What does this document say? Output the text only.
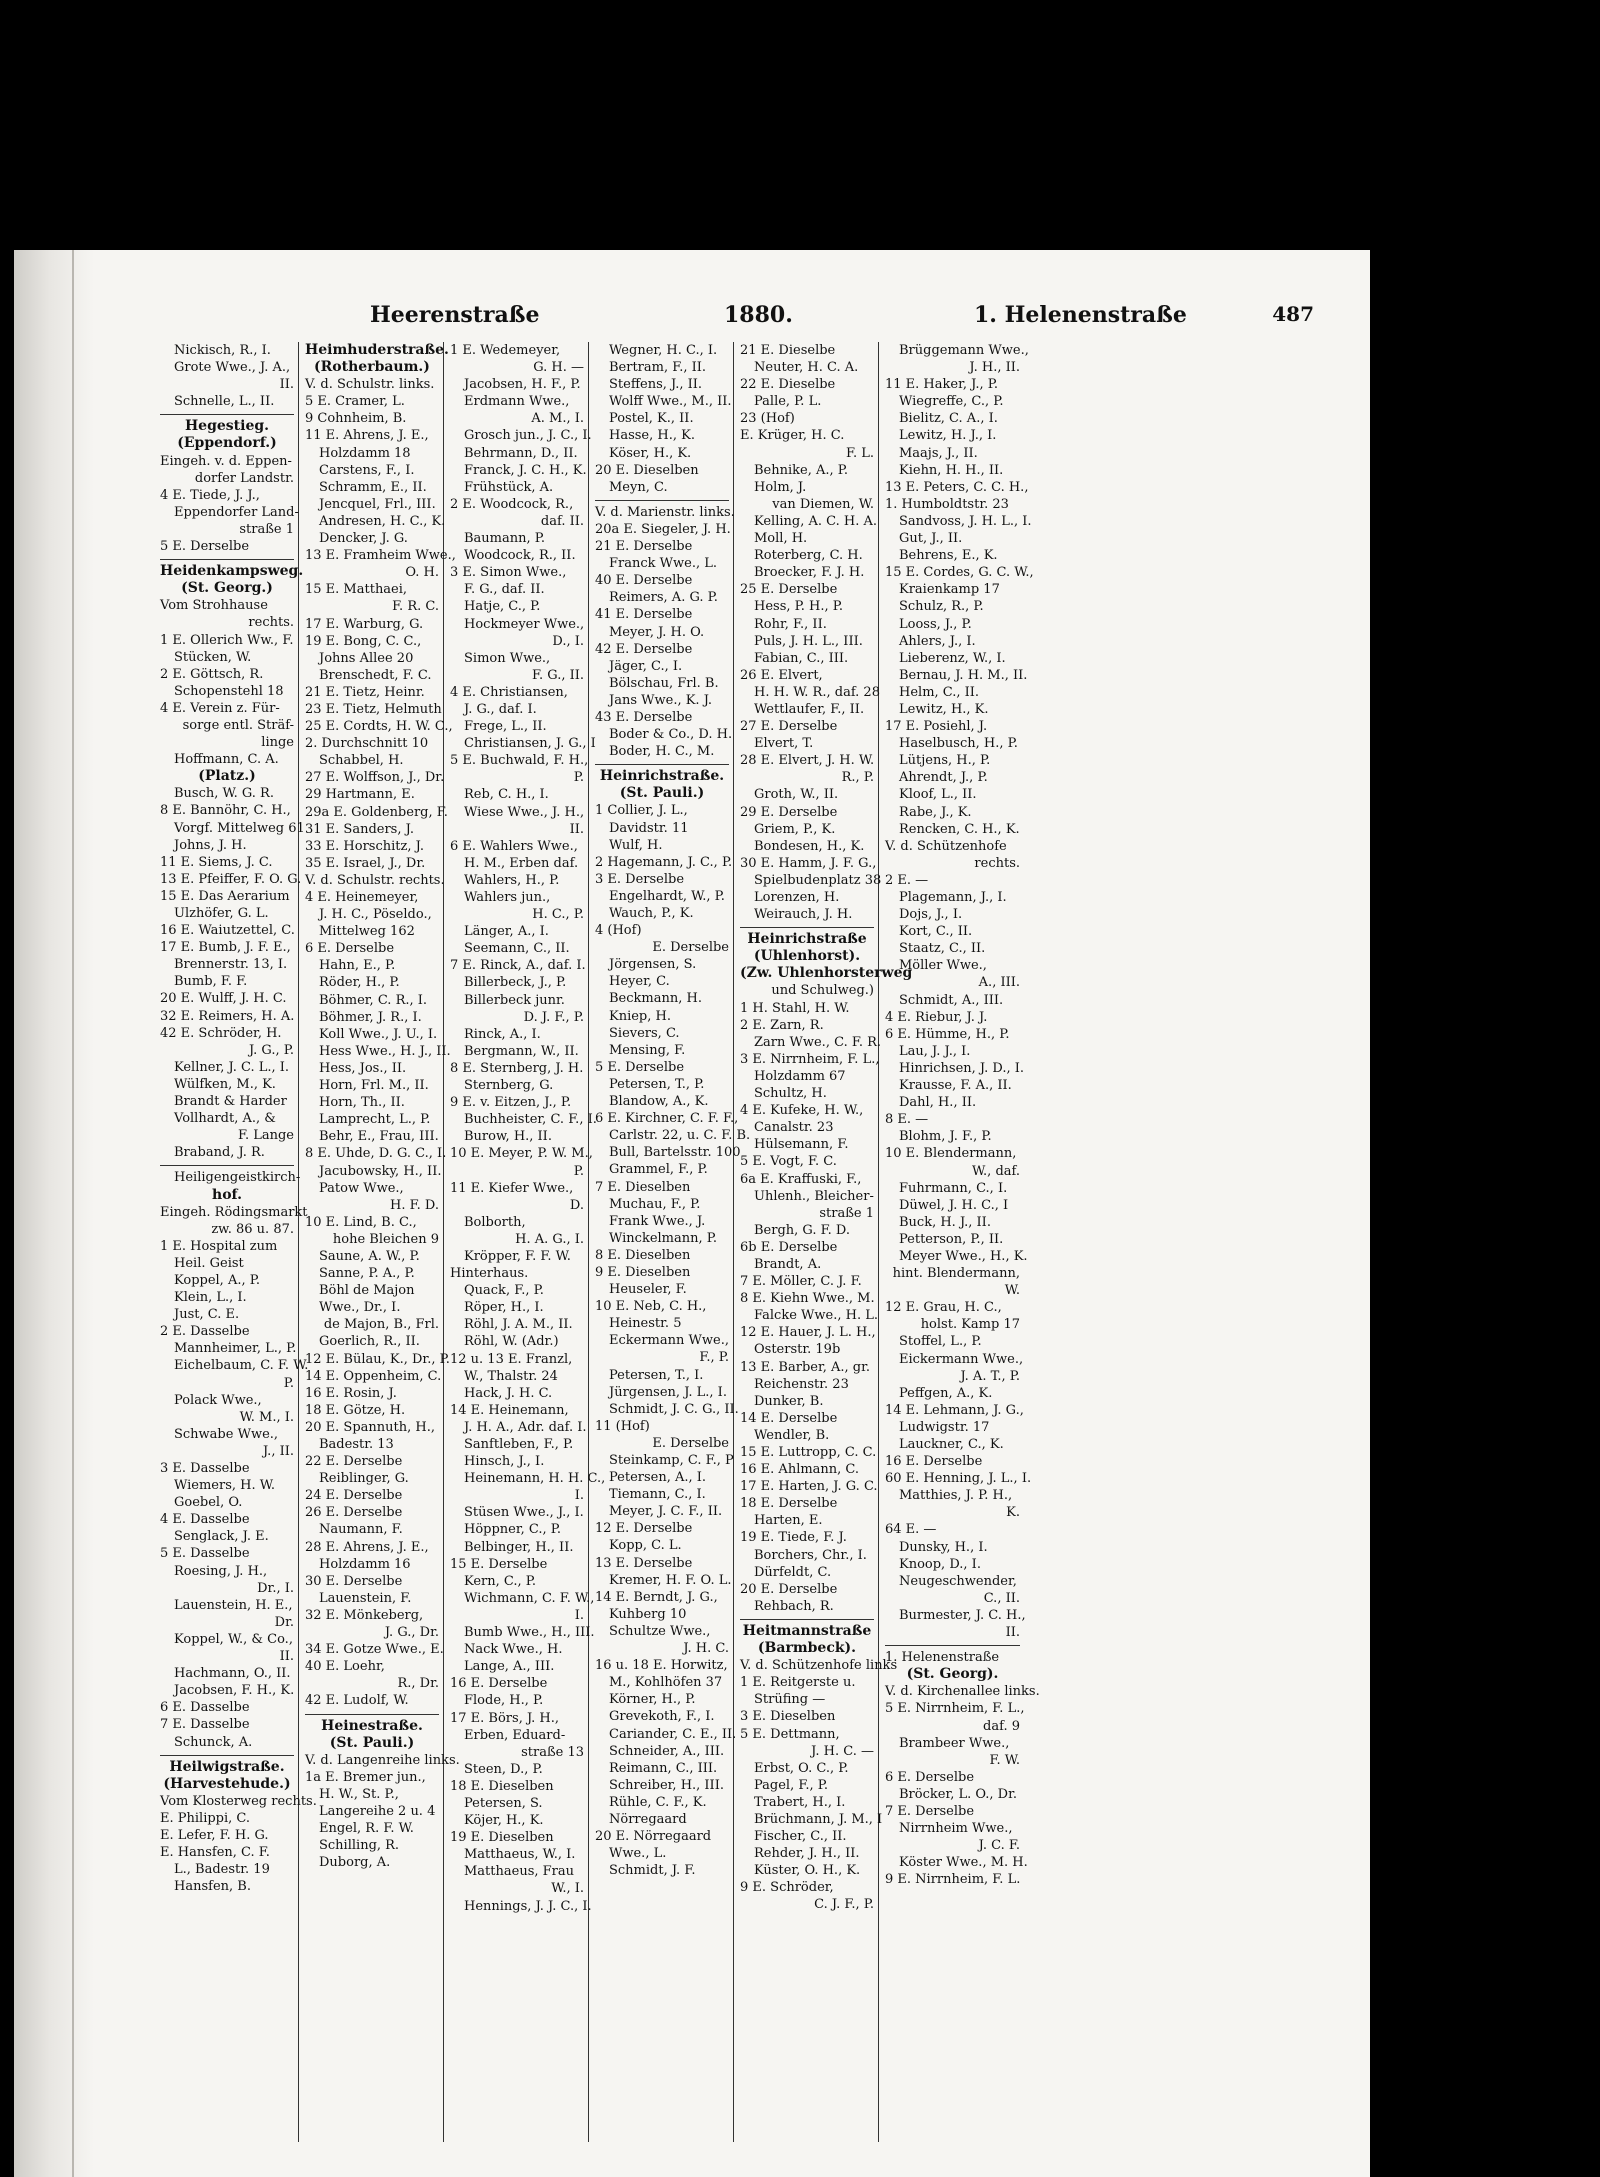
Heerenstraße	1880.	1. Helenenstraße	487
Nickisch, R., I.
Grote Wwe., J. A.,
II.
Schnelle, L., II.
Hegestieg.
(Eppendorf.)
Eingeh. v. d. Eppen-
dorfer Landstr.
4 E. Tiede, J. J.,
Eppendorfer Land-
straße 1
5 E. Derselbe
Heidenkampsweg.
(St. Georg.)
Vom Strohhause
rechts.
1 E. Ollerich Ww., F.
Stücken, W.
2 E. Göttsch, R.
Schopenstehl 18
4 E. Verein z. Für-
sorge entl. Sträf-
linge
Hoffmann, C. A.
(Platz.)
Busch, W. G. R.
8 E. Bannöhr, C. H.,
Vorgf. Mittelweg 61
Johns, J. H.
11 E. Siems, J. C.
13 E. Pfeiffer, F. O. G.
15 E. Das Aerarium
Ulzhöfer, G. L.
16 E. Waiutzettel, C.
17 E. Bumb, J. F. E.,
Brennerstr. 13, I.
Bumb, F. F.
20 E. Wulff, J. H. C.
32 E. Reimers, H. A.
42 E. Schröder, H.
J. G., P.
Kellner, J. C. L., I.
Wülfken, M., K.
Brandt & Harder
Vollhardt, A., &
F. Lange
Braband, J. R.
Heiligengeistkirch-
hof.
Eingeh. Rödingsmarkt
zw. 86 u. 87.
1 E. Hospital zum
Heil. Geist
Koppel, A., P.
Klein, L., I.
Just, C. E.
2 E. Dasselbe
Mannheimer, L., P.
Eichelbaum, C. F. W.
P.
Polack Wwe.,
W. M., I.
Schwabe Wwe.,
J., II.
3 E. Dasselbe
Wiemers, H. W.
Goebel, O.
4 E. Dasselbe
Senglack, J. E.
5 E. Dasselbe
Roesing, J. H.,
Dr., I.
Lauenstein, H. E.,
Dr.
Koppel, W., & Co.,
II.
Hachmann, O., II.
Jacobsen, F. H., K.
6 E. Dasselbe
7 E. Dasselbe
Schunck, A.
Heilwigstraße.
(Harvestehude.)
Vom Klosterweg rechts.
E. Philippi, C.
E. Lefer, F. H. G.
E. Hansfen, C. F.
L., Badestr. 19
Hansfen, B.
Heimhuderstraße.
(Rotherbaum.)
V. d. Schulstr. links.
5 E. Cramer, L.
9 Cohnheim, B.
11 E. Ahrens, J. E.,
Holzdamm 18
Carstens, F., I.
Schramm, E., II.
Jencquel, Frl., III.
Andresen, H. C., K.
Dencker, J. G.
13 E. Framheim Wwe.,
O. H.
15 E. Matthaei,
F. R. C.
17 E. Warburg, G.
19 E. Bong, C. C.,
Johns Allee 20
Brenschedt, F. C.
21 E. Tietz, Heinr.
23 E. Tietz, Helmuth
25 E. Cordts, H. W. C.,
2. Durchschnitt 10
Schabbel, H.
27 E. Wolffson, J., Dr.
29 Hartmann, E.
29a E. Goldenberg, F.
31 E. Sanders, J.
33 E. Horschitz, J.
35 E. Israel, J., Dr.
V. d. Schulstr. rechts.
4 E. Heinemeyer,
J. H. C., Pöseldo.,
Mittelweg 162
6 E. Derselbe
Hahn, E., P.
Röder, H., P.
Böhmer, C. R., I.
Böhmer, J. R., I.
Koll Wwe., J. U., I.
Hess Wwe., H. J., II.
Hess, Jos., II.
Horn, Frl. M., II.
Horn, Th., II.
Lamprecht, L., P.
Behr, E., Frau, III.
8 E. Uhde, D. G. C., I.
Jacubowsky, H., II.
Patow Wwe.,
H. F. D.
10 E. Lind, B. C.,
hohe Bleichen 9
Saune, A. W., P.
Sanne, P. A., P.
Böhl de Majon
Wwe., Dr., I.
de Majon, B., Frl.
Goerlich, R., II.
12 E. Bülau, K., Dr., P.
14 E. Oppenheim, C.
16 E. Rosin, J.
18 E. Götze, H.
20 E. Spannuth, H.,
Badestr. 13
22 E. Derselbe
Reiblinger, G.
24 E. Derselbe
26 E. Derselbe
Naumann, F.
28 E. Ahrens, J. E.,
Holzdamm 16
30 E. Derselbe
Lauenstein, F.
32 E. Mönkeberg,
J. G., Dr.
34 E. Gotze Wwe., E.
40 E. Loehr,
R., Dr.
42 E. Ludolf, W.
Heinestraße.
(St. Pauli.)
V. d. Langenreihe links.
1a E. Bremer jun.,
H. W., St. P.,
Langereihe 2 u. 4
Engel, R. F. W.
Schilling, R.
Duborg, A.
1 E. Wedemeyer,
G. H. —
Jacobsen, H. F., P.
Erdmann Wwe.,
A. M., I.
Grosch jun., J. C., I.
Behrmann, D., II.
Franck, J. C. H., K.
Frühstück, A.
2 E. Woodcock, R.,
daf. II.
Baumann, P.
Woodcock, R., II.
3 E. Simon Wwe.,
F. G., daf. II.
Hatje, C., P.
Hockmeyer Wwe.,
D., I.
Simon Wwe.,
F. G., II.
4 E. Christiansen,
J. G., daf. I.
Frege, L., II.
Christiansen, J. G., I
5 E. Buchwald, F. H.,
P.
Reb, C. H., I.
Wiese Wwe., J. H.,
II.
6 E. Wahlers Wwe.,
H. M., Erben daf.
Wahlers, H., P.
Wahlers jun.,
H. C., P.
Länger, A., I.
Seemann, C., II.
7 E. Rinck, A., daf. I.
Billerbeck, J., P.
Billerbeck junr.
D. J. F., P.
Rinck, A., I.
Bergmann, W., II.
8 E. Sternberg, J. H.
Sternberg, G.
9 E. v. Eitzen, J., P.
Buchheister, C. F., I.
Burow, H., II.
10 E. Meyer, P. W. M.,
P.
11 E. Kiefer Wwe.,
D.
Bolborth,
H. A. G., I.
Kröpper, F. F. W.
Hinterhaus.
Quack, F., P.
Röper, H., I.
Röhl, J. A. M., II.
Röhl, W. (Adr.)
12 u. 13 E. Franzl,
W., Thalstr. 24
Hack, J. H. C.
14 E. Heinemann,
J. H. A., Adr. daf. I.
Sanftleben, F., P.
Hinsch, J., I.
Heinemann, H. H. C.,
I.
Stüsen Wwe., J., I.
Höppner, C., P.
Belbinger, H., II.
15 E. Derselbe
Kern, C., P.
Wichmann, C. F. W.,
I.
Bumb Wwe., H., III.
Nack Wwe., H.
Lange, A., III.
16 E. Derselbe
Flode, H., P.
17 E. Börs, J. H.,
Erben, Eduard-
straße 13
Steen, D., P.
18 E. Dieselben
Petersen, S.
Köjer, H., K.
19 E. Dieselben
Matthaeus, W., I.
Matthaeus, Frau
W., I.
Hennings, J. J. C., I.
Wegner, H. C., I.
Bertram, F., II.
Steffens, J., II.
Wolff Wwe., M., II.
Postel, K., II.
Hasse, H., K.
Köser, H., K.
20 E. Dieselben
Meyn, C.
V. d. Marienstr. links.
20a E. Siegeler, J. H.
21 E. Derselbe
Franck Wwe., L.
40 E. Derselbe
Reimers, A. G. P.
41 E. Derselbe
Meyer, J. H. O.
42 E. Derselbe
Jäger, C., I.
Bölschau, Frl. B.
Jans Wwe., K. J.
43 E. Derselbe
Boder & Co., D. H.
Boder, H. C., M.
Heinrichstraße.
(St. Pauli.)
1 Collier, J. L.,
Davidstr. 11
Wulf, H.
2 Hagemann, J. C., P.
3 E. Derselbe
Engelhardt, W., P.
Wauch, P., K.
4 (Hof)
E. Derselbe
Jörgensen, S.
Heyer, C.
Beckmann, H.
Kniep, H.
Sievers, C.
Mensing, F.
5 E. Derselbe
Petersen, T., P.
Blandow, A., K.
6 E. Kirchner, C. F. F.,
Carlstr. 22, u. C. F. B.
Bull, Bartelsstr. 100
Grammel, F., P.
7 E. Dieselben
Muchau, F., P.
Frank Wwe., J.
Winckelmann, P.
8 E. Dieselben
9 E. Dieselben
Heuseler, F.
10 E. Neb, C. H.,
Heinestr. 5
Eckermann Wwe.,
F., P.
Petersen, T., I.
Jürgensen, J. L., I.
Schmidt, J. C. G., II.
11 (Hof)
E. Derselbe
Steinkamp, C. F., P
Petersen, A., I.
Tiemann, C., I.
Meyer, J. C. F., II.
12 E. Derselbe
Kopp, C. L.
13 E. Derselbe
Kremer, H. F. O. L.
14 E. Berndt, J. G.,
Kuhberg 10
Schultze Wwe.,
J. H. C.
16 u. 18 E. Horwitz,
M., Kohlhöfen 37
Körner, H., P.
Grevekoth, F., I.
Cariander, C. E., II.
Schneider, A., III.
Reimann, C., III.
Schreiber, H., III.
Rühle, C. F., K.
Nörregaard
20 E. Nörregaard
Wwe., L.
Schmidt, J. F.
21 E. Dieselbe
Neuter, H. C. A.
22 E. Dieselbe
Palle, P. L.
23 (Hof)
E. Krüger, H. C.
F. L.
Behnike, A., P.
Holm, J.
van Diemen, W.
Kelling, A. C. H. A.
Moll, H.
Roterberg, C. H.
Broecker, F. J. H.
25 E. Derselbe
Hess, P. H., P.
Rohr, F., II.
Puls, J. H. L., III.
Fabian, C., III.
26 E. Elvert,
H. H. W. R., daf. 28
Wettlaufer, F., II.
27 E. Derselbe
Elvert, T.
28 E. Elvert, J. H. W.
R., P.
Groth, W., II.
29 E. Derselbe
Griem, P., K.
Bondesen, H., K.
30 E. Hamm, J. F. G.,
Spielbudenplatz 38
Lorenzen, H.
Weirauch, J. H.
Heinrichstraße
(Uhlenhorst).
(Zw. Uhlenhorsterweg
und Schulweg.)
1 H. Stahl, H. W.
2 E. Zarn, R.
Zarn Wwe., C. F. R.
3 E. Nirrnheim, F. L.,
Holzdamm 67
Schultz, H.
4 E. Kufeke, H. W.,
Canalstr. 23
Hülsemann, F.
5 E. Vogt, F. C.
6a E. Kraffuski, F.,
Uhlenh., Bleicher-
straße 1
Bergh, G. F. D.
6b E. Derselbe
Brandt, A.
7 E. Möller, C. J. F.
8 E. Kiehn Wwe., M.
Falcke Wwe., H. L.
12 E. Hauer, J. L. H.,
Osterstr. 19b
13 E. Barber, A., gr.
Reichenstr. 23
Dunker, B.
14 E. Derselbe
Wendler, B.
15 E. Luttropp, C. C.
16 E. Ahlmann, C.
17 E. Harten, J. G. C.
18 E. Derselbe
Harten, E.
19 E. Tiede, F. J.
Borchers, Chr., I.
Dürfeldt, C.
20 E. Derselbe
Rehbach, R.
Heitmannstraße
(Barmbeck).
V. d. Schützenhofe links
1 E. Reitgerste u.
Strüfing —
3 E. Dieselben
5 E. Dettmann,
J. H. C. —
Erbst, O. C., P.
Pagel, F., P.
Trabert, H., I.
Brüchmann, J. M., I
Fischer, C., II.
Rehder, J. H., II.
Küster, O. H., K.
9 E. Schröder,
C. J. F., P.
Brüggemann Wwe.,
J. H., II.
11 E. Haker, J., P.
Wiegreffe, C., P.
Bielitz, C. A., I.
Lewitz, H. J., I.
Maajs, J., II.
Kiehn, H. H., II.
13 E. Peters, C. C. H.,
1. Humboldtstr. 23
Sandvoss, J. H. L., I.
Gut, J., II.
Behrens, E., K.
15 E. Cordes, G. C. W.,
Kraienkamp 17
Schulz, R., P.
Looss, J., P.
Ahlers, J., I.
Lieberenz, W., I.
Bernau, J. H. M., II.
Helm, C., II.
Lewitz, H., K.
17 E. Posiehl, J.
Haselbusch, H., P.
Lütjens, H., P.
Ahrendt, J., P.
Kloof, L., II.
Rabe, J., K.
Rencken, C. H., K.
V. d. Schützenhofe
rechts.
2 E. —
Plagemann, J., I.
Dojs, J., I.
Kort, C., II.
Staatz, C., II.
Möller Wwe.,
A., III.
Schmidt, A., III.
4 E. Riebur, J. J.
6 E. Hümme, H., P.
Lau, J. J., I.
Hinrichsen, J. D., I.
Krausse, F. A., II.
Dahl, H., II.
8 E. —
Blohm, J. F., P.
10 E. Blendermann,
W., daf.
Fuhrmann, C., I.
Düwel, J. H. C., I
Buck, H. J., II.
Petterson, P., II.
Meyer Wwe., H., K.
hint. Blendermann,
W.
12 E. Grau, H. C.,
holst. Kamp 17
Stoffel, L., P.
Eickermann Wwe.,
J. A. T., P.
Peffgen, A., K.
14 E. Lehmann, J. G.,
Ludwigstr. 17
Lauckner, C., K.
16 E. Derselbe
60 E. Henning, J. L., I.
Matthies, J. P. H.,
K.
64 E. —
Dunsky, H., I.
Knoop, D., I.
Neugeschwender,
C., II.
Burmester, J. C. H.,
II.
1. Helenenstraße
(St. Georg).
V. d. Kirchenallee links.
5 E. Nirrnheim, F. L.,
daf. 9
Brambeer Wwe.,
F. W.
6 E. Derselbe
Bröcker, L. O., Dr.
7 E. Derselbe
Nirrnheim Wwe.,
J. C. F.
Köster Wwe., M. H.
9 E. Nirrnheim, F. L.
